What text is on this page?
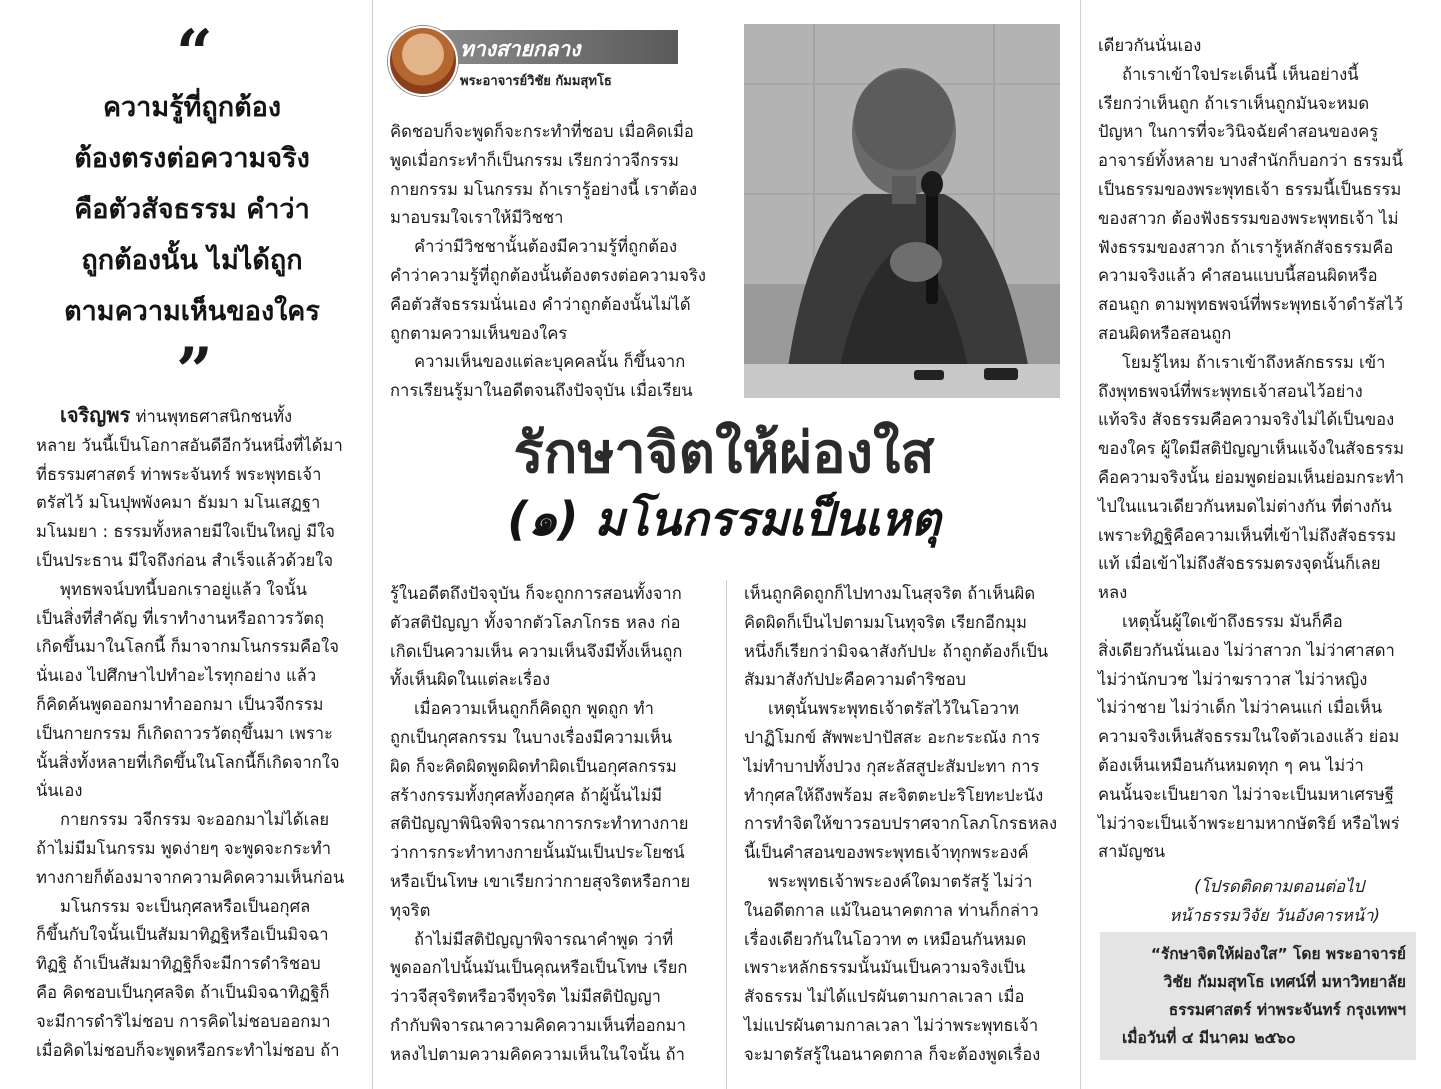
“
ความรู้ที่ถูกต้อง
ต้องตรงต่อความจริง
คือตัวสัจธรรม คำว่า
ถูกต้องนั้น ไม่ได้ถูก
ตามความเห็นของใคร
”

เจริญพร ท่านพุทธศาสนิกชนทั้ง

หลาย วันนี้เป็นโอกาสอันดีอีกวันหนึ่งที่ได้มา

ที่ธรรมศาสตร์ ท่าพระจันทร์ พระพุทธเจ้า

ตรัสไว้ มโนปุพพังคมา ธัมมา มโนเสฏฐา

มโนมยา : ธรรมทั้งหลายมีใจเป็นใหญ่ มีใจ

เป็นประธาน มีใจถึงก่อน สำเร็จแล้วด้วยใจ

พุทธพจน์บทนี้บอกเราอยู่แล้ว ใจนั้น

เป็นสิ่งที่สำคัญ ที่เราทำงานหรือถาวรวัตถุ

เกิดขึ้นมาในโลกนี้ ก็มาจากมโนกรรมคือใจ

นั่นเอง ไปศึกษาไปทำอะไรทุกอย่าง แล้ว

ก็คิดค้นพูดออกมาทำออกมา เป็นวจีกรรม

เป็นกายกรรม ก็เกิดถาวรวัตถุขึ้นมา เพราะ

นั้นสิ่งทั้งหลายที่เกิดขึ้นในโลกนี้ก็เกิดจากใจ

นั่นเอง

กายกรรม วจีกรรม จะออกมาไม่ได้เลย

ถ้าไม่มีมโนกรรม พูดง่ายๆ จะพูดจะกระทำ

ทางกายก็ต้องมาจากความคิดความเห็นก่อน

มโนกรรม จะเป็นกุศลหรือเป็นอกุศล

ก็ขึ้นกับใจนั้นเป็นสัมมาทิฏฐิหรือเป็นมิจฉา

ทิฏฐิ ถ้าเป็นสัมมาทิฏฐิก็จะมีการดำริชอบ

คือ คิดชอบเป็นกุศลจิต ถ้าเป็นมิจฉาทิฏฐิก็

จะมีการดำริไม่ชอบ การคิดไม่ชอบออกมา

เมื่อคิดไม่ชอบก็จะพูดหรือกระทำไม่ชอบ ถ้า

ทางสายกลาง
พระอาจารย์วิชัย กัมมสุทโธ

คิดชอบก็จะพูดก็จะกระทำที่ชอบ เมื่อคิดเมื่อ

พูดเมื่อกระทำก็เป็นกรรม เรียกว่าวจีกรรม

กายกรรม มโนกรรม ถ้าเรารู้อย่างนี้ เราต้อง

มาอบรมใจเราให้มีวิชชา

คำว่ามีวิชชานั้นต้องมีความรู้ที่ถูกต้อง

คำว่าความรู้ที่ถูกต้องนั้นต้องตรงต่อความจริง

คือตัวสัจธรรมนั่นเอง คำว่าถูกต้องนั้นไม่ได้

ถูกตามความเห็นของใคร

ความเห็นของแต่ละบุคคลนั้น ก็ขึ้นจาก

การเรียนรู้มาในอดีตจนถึงปัจจุบัน เมื่อเรียน

รักษาจิตให้ผ่องใส
(๑) มโนกรรมเป็นเหตุ

รู้ในอดีตถึงปัจจุบัน ก็จะถูกการสอนทั้งจาก

ตัวสติปัญญา ทั้งจากตัวโลภโกรธ หลง ก่อ

เกิดเป็นความเห็น ความเห็นจึงมีทั้งเห็นถูก

ทั้งเห็นผิดในแต่ละเรื่อง

เมื่อความเห็นถูกก็คิดถูก พูดถูก ทำ

ถูกเป็นกุศลกรรม ในบางเรื่องมีความเห็น

ผิด ก็จะคิดผิดพูดผิดทำผิดเป็นอกุศลกรรม

สร้างกรรมทั้งกุศลทั้งอกุศล ถ้าผู้นั้นไม่มี

สติปัญญาพินิจพิจารณาการกระทำทางกาย

ว่าการกระทำทางกายนั้นมันเป็นประโยชน์

หรือเป็นโทษ เขาเรียกว่ากายสุจริตหรือกาย

ทุจริต

ถ้าไม่มีสติปัญญาพิจารณาคำพูด ว่าที่

พูดออกไปนั้นมันเป็นคุณหรือเป็นโทษ เรียก

ว่าวจีสุจริตหรือวจีทุจริต ไม่มีสติปัญญา

กำกับพิจารณาความคิดความเห็นที่ออกมา

หลงไปตามความคิดความเห็นในใจนั้น ถ้า

เห็นถูกคิดถูกก็ไปทางมโนสุจริต ถ้าเห็นผิด

คิดผิดก็เป็นไปตามมโนทุจริต เรียกอีกมุม

หนึ่งก็เรียกว่ามิจฉาสังกัปปะ ถ้าถูกต้องก็เป็น

สัมมาสังกัปปะคือความดำริชอบ

เหตุนั้นพระพุทธเจ้าตรัสไว้ในโอวาท

ปาฏิโมกข์ สัพพะปาปัสสะ อะกะระณัง การ

ไม่ทำบาปทั้งปวง กุสะลัสสูปะสัมปะทา การ

ทำกุศลให้ถึงพร้อม สะจิตตะปะริโยทะปะนัง

การทำจิตให้ขาวรอบปราศจากโลภโกรธหลง

นี้เป็นคำสอนของพระพุทธเจ้าทุกพระองค์

พระพุทธเจ้าพระองค์ใดมาตรัสรู้ ไม่ว่า

ในอดีตกาล แม้ในอนาคตกาล ท่านก็กล่าว

เรื่องเดียวกันในโอวาท ๓ เหมือนกันหมด

เพราะหลักธรรมนั้นมันเป็นความจริงเป็น

สัจธรรม ไม่ได้แปรผันตามกาลเวลา เมื่อ

ไม่แปรผันตามกาลเวลา ไม่ว่าพระพุทธเจ้า

จะมาตรัสรู้ในอนาคตกาล ก็จะต้องพูดเรื่อง

เดียวกันนั่นเอง

ถ้าเราเข้าใจประเด็นนี้ เห็นอย่างนี้

เรียกว่าเห็นถูก ถ้าเราเห็นถูกมันจะหมด

ปัญหา ในการที่จะวินิจฉัยคำสอนของครู

อาจารย์ทั้งหลาย บางสำนักก็บอกว่า ธรรมนี้

เป็นธรรมของพระพุทธเจ้า ธรรมนี้เป็นธรรม

ของสาวก ต้องฟังธรรมของพระพุทธเจ้า ไม่

ฟังธรรมของสาวก ถ้าเรารู้หลักสัจธรรมคือ

ความจริงแล้ว คำสอนแบบนี้สอนผิดหรือ

สอนถูก ตามพุทธพจน์ที่พระพุทธเจ้าดำรัสไว้

สอนผิดหรือสอนถูก

โยมรู้ไหม ถ้าเราเข้าถึงหลักธรรม เข้า

ถึงพุทธพจน์ที่พระพุทธเจ้าสอนไว้อย่าง

แท้จริง สัจธรรมคือความจริงไม่ได้เป็นของ

ของใคร ผู้ใดมีสติปัญญาเห็นแจ้งในสัจธรรม

คือความจริงนั้น ย่อมพูดย่อมเห็นย่อมกระทำ

ไปในแนวเดียวกันหมดไม่ต่างกัน ที่ต่างกัน

เพราะทิฏฐิคือความเห็นที่เข้าไม่ถึงสัจธรรม

แท้ เมื่อเข้าไม่ถึงสัจธรรมตรงจุดนั้นก็เลย

หลง

เหตุนั้นผู้ใดเข้าถึงธรรม มันก็คือ

สิ่งเดียวกันนั่นเอง ไม่ว่าสาวก ไม่ว่าศาสดา

ไม่ว่านักบวช ไม่ว่าฆราวาส ไม่ว่าหญิง

ไม่ว่าชาย ไม่ว่าเด็ก ไม่ว่าคนแก่ เมื่อเห็น

ความจริงเห็นสัจธรรมในใจตัวเองแล้ว ย่อม

ต้องเห็นเหมือนกันหมดทุก ๆ คน ไม่ว่า

คนนั้นจะเป็นยาจก ไม่ว่าจะเป็นมหาเศรษฐี

ไม่ว่าจะเป็นเจ้าพระยามหากษัตริย์ หรือไพร่

สามัญชน

(โปรดติดตามตอนต่อไป

หน้าธรรมวิจัย วันอังคารหน้า)

“รักษาจิตให้ผ่องใส” โดย พระอาจารย์

วิชัย กัมมสุทโธ เทศน์ที่ มหาวิทยาลัย

ธรรมศาสตร์ ท่าพระจันทร์ กรุงเทพฯ

เมื่อวันที่ ๔ มีนาคม ๒๕๖๐
